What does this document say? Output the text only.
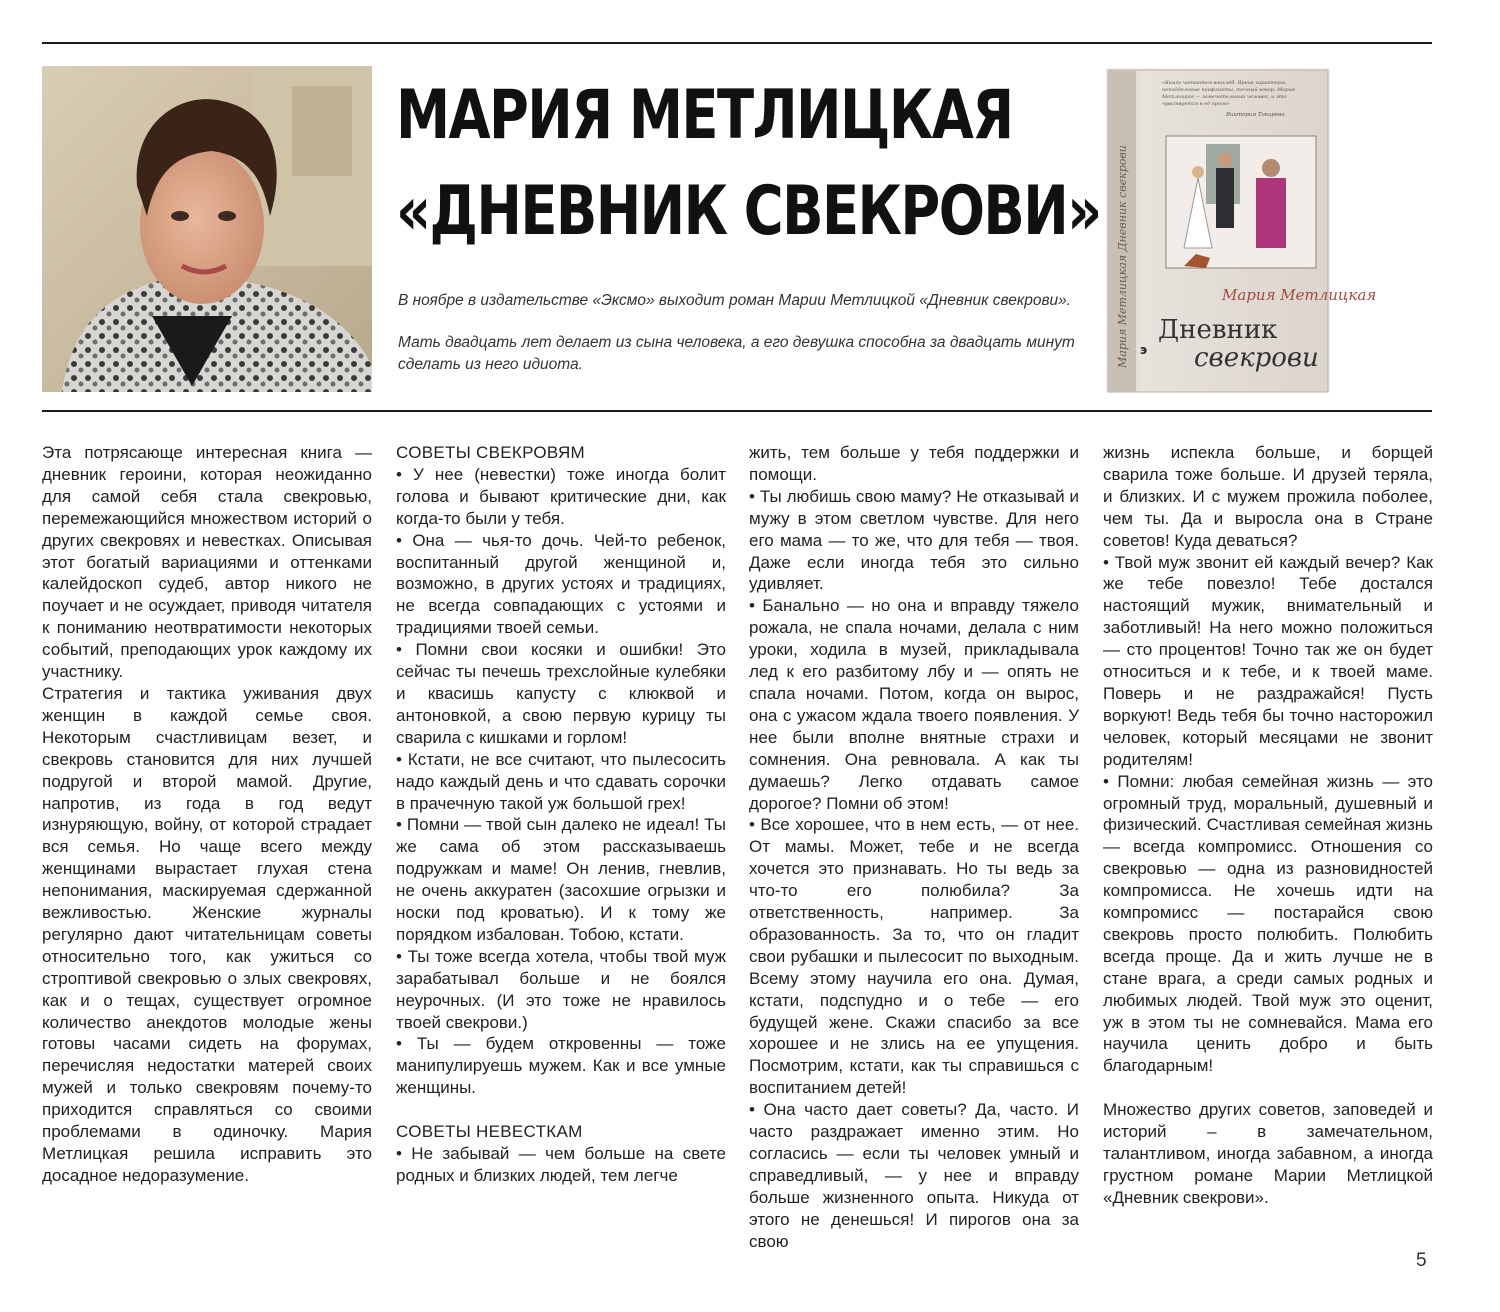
МАРИЯ МЕТЛИЦКАЯ
«ДНЕВНИК СВЕКРОВИ»

В ноябре в издательстве «Эксмо» выходит роман Марии Метлицкой «Дневник свекрови».

Мать двадцать лет делает из сына человека, а его девушка способна за двадцать минут сделать из него идиота.	Мария Метлицкая Дневник свекрови
«Книги читаются взахлёб. Яркие характеры, неподдельные конфликты, точный юмор. Мария Метлицкая — замечательный человек, и это чувствуется в её прозе»
Виктория Токарева
Мария Метлицкая
Дневник
свекрови
э

Эта потрясающе интересная книга — дневник героини, которая неожиданно для самой себя стала свекровью, перемежающийся множеством историй о других свекровях и невестках. Описывая этот богатый вариациями и оттенками калейдоскоп судеб, автор никого не поучает и не осуждает, приводя читателя к пониманию неотвратимости некоторых событий, преподающих урок каждому их участнику.

Стратегия и тактика уживания двух женщин в каждой семье своя. Некоторым счастливицам везет, и свекровь становится для них лучшей подругой и второй мамой. Другие, напротив, из года в год ведут изнуряющую, войну, от которой страдает вся семья. Но чаще всего между женщинами вырастает глухая стена непонимания, маскируемая сдержанной вежливостью. Женские журналы регулярно дают читательницам советы относительно того, как ужиться со строптивой свекровью о злых свекровях, как и о тещах, существует огромное количество анекдотов молодые жены готовы часами сидеть на форумах, перечисляя недостатки матерей своих мужей и только свекровям почему-то приходится справляться со своими проблемами в одиночку. Мария Метлицкая решила исправить это досадное недоразумение.

СОВЕТЫ СВЕКРОВЯМ

• У нее (невестки) тоже иногда болит голова и бывают критические дни, как когда-то были у тебя.

• Она — чья-то дочь. Чей-то ребенок, воспитанный другой женщиной и, возможно, в других устоях и традициях, не всегда совпадающих с устоями и традициями твоей семьи.

• Помни свои косяки и ошибки! Это сейчас ты печешь трехслойные кулебяки и квасишь капусту с клюквой и антоновкой, а свою первую курицу ты сварила с кишками и горлом!

• Кстати, не все считают, что пылесосить надо каждый день и что сдавать сорочки в прачечную такой уж большой грех!

• Помни — твой сын далеко не идеал! Ты же сама об этом рассказываешь подружкам и маме! Он ленив, гневлив, не очень аккуратен (засохшие огрызки и носки под кроватью). И к тому же порядком избалован. Тобою, кстати.

• Ты тоже всегда хотела, чтобы твой муж зарабатывал больше и не боялся неурочных. (И это тоже не нравилось твоей свекрови.)

• Ты — будем откровенны — тоже манипулируешь мужем. Как и все умные женщины.

СОВЕТЫ НЕВЕСТКАМ

• Не забывай — чем больше на свете родных и близких людей, тем легче

жить, тем больше у тебя поддержки и помощи.

• Ты любишь свою маму? Не отказывай и мужу в этом светлом чувстве. Для него его мама — то же, что для тебя — твоя. Даже если иногда тебя это сильно удивляет.

• Банально — но она и вправду тяжело рожала, не спала ночами, делала с ним уроки, ходила в музей, прикладывала лед к его разбитому лбу и — опять не спала ночами. Потом, когда он вырос, она с ужасом ждала твоего появления. У нее были вполне внятные страхи и сомнения. Она ревновала. А как ты думаешь? Легко отдавать самое дорогое? Помни об этом!

• Все хорошее, что в нем есть, — от нее. От мамы. Может, тебе и не всегда хочется это признавать. Но ты ведь за что-то его полюбила? За ответственность, например. За образованность. За то, что он гладит свои рубашки и пылесосит по выходным. Всему этому научила его она. Думая, кстати, подспудно и о тебе — его будущей жене. Скажи спасибо за все хорошее и не злись на ее упущения. Посмотрим, кстати, как ты справишься с воспитанием детей!

• Она часто дает советы? Да, часто. И часто раздражает именно этим. Но согласись — если ты человек умный и справедливый, — у нее и вправду больше жизненного опыта. Никуда от этого не денешься! И пирогов она за свою

жизнь испекла больше, и борщей сварила тоже больше. И друзей теряла, и близких. И с мужем прожила поболее, чем ты. Да и выросла она в Стране советов! Куда деваться?

• Твой муж звонит ей каждый вечер? Как же тебе повезло! Тебе достался настоящий мужик, внимательный и заботливый! На него можно положиться — сто процентов! Точно так же он будет относиться и к тебе, и к твоей маме. Поверь и не раздражайся! Пусть воркуют! Ведь тебя бы точно насторожил человек, который месяцами не звонит родителям!

• Помни: любая семейная жизнь — это огромный труд, моральный, душевный и физический. Счастливая семейная жизнь — всегда компромисс. Отношения со свекровью — одна из разновидностей компромисса. Не хочешь идти на компромисс — постарайся свою свекровь просто полюбить. Полюбить всегда проще. Да и жить лучше не в стане врага, а среди самых родных и любимых людей. Твой муж это оценит, уж в этом ты не сомневайся. Мама его научила ценить добро и быть благодарным!

Множество других советов, заповедей и историй – в замечательном, талантливом, иногда забавном, а иногда грустном романе Марии Метлицкой «Дневник свекрови».

5
